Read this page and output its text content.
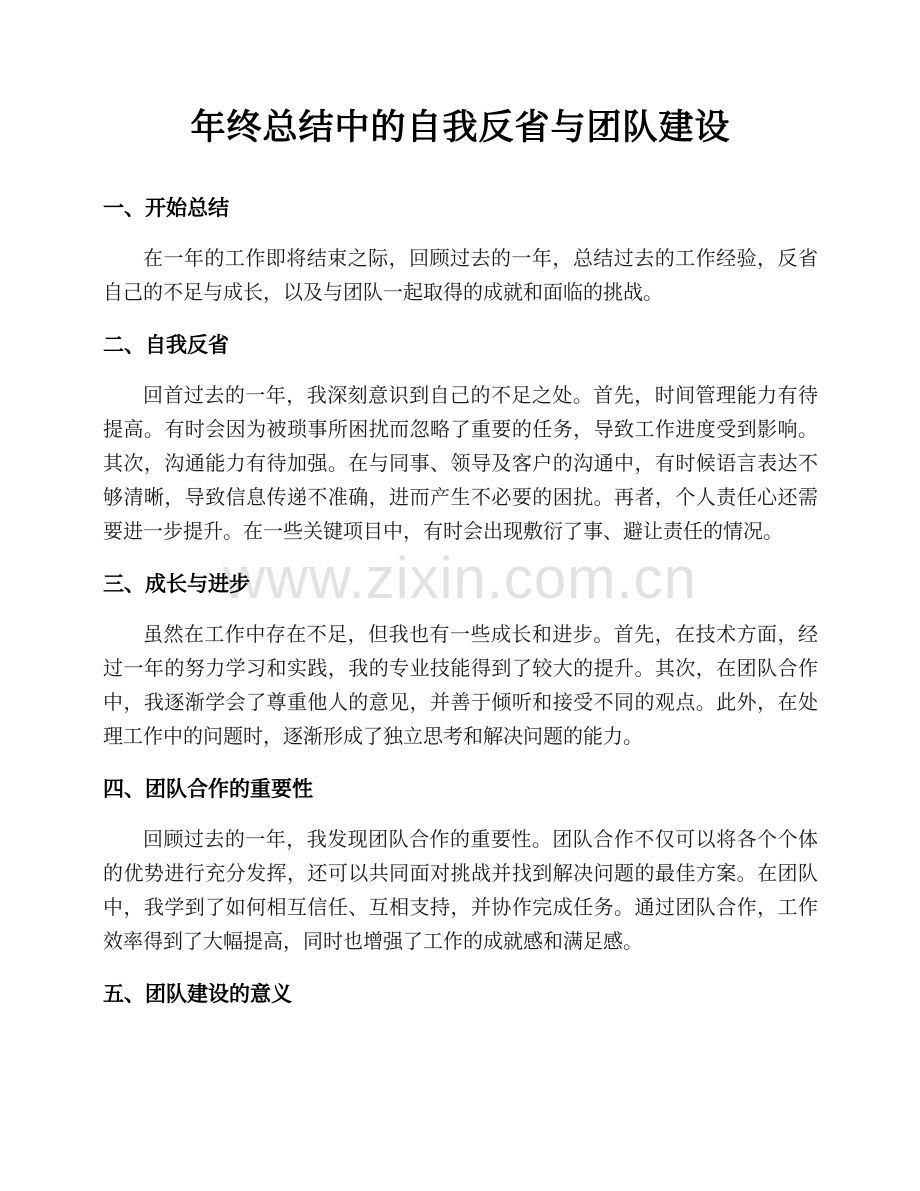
www.zixin.com.cn
年终总结中的自我反省与团队建设
一、开始总结

在一年的工作即将结束之际，回顾过去的一年，总结过去的工作经验，反省自己的不足与成长，以及与团队一起取得的成就和面临的挑战。

二、自我反省

回首过去的一年，我深刻意识到自己的不足之处。首先，时间管理能力有待提高。有时会因为被琐事所困扰而忽略了重要的任务，导致工作进度受到影响。其次，沟通能力有待加强。在与同事、领导及客户的沟通中，有时候语言表达不够清晰，导致信息传递不准确，进而产生不必要的困扰。再者，个人责任心还需要进一步提升。在一些关键项目中，有时会出现敷衍了事、避让责任的情况。

三、成长与进步

虽然在工作中存在不足，但我也有一些成长和进步。首先，在技术方面，经过一年的努力学习和实践，我的专业技能得到了较大的提升。其次，在团队合作中，我逐渐学会了尊重他人的意见，并善于倾听和接受不同的观点。此外，在处理工作中的问题时，逐渐形成了独立思考和解决问题的能力。

四、团队合作的重要性

回顾过去的一年，我发现团队合作的重要性。团队合作不仅可以将各个个体的优势进行充分发挥，还可以共同面对挑战并找到解决问题的最佳方案。在团队中，我学到了如何相互信任、互相支持，并协作完成任务。通过团队合作，工作效率得到了大幅提高，同时也增强了工作的成就感和满足感。

五、团队建设的意义
